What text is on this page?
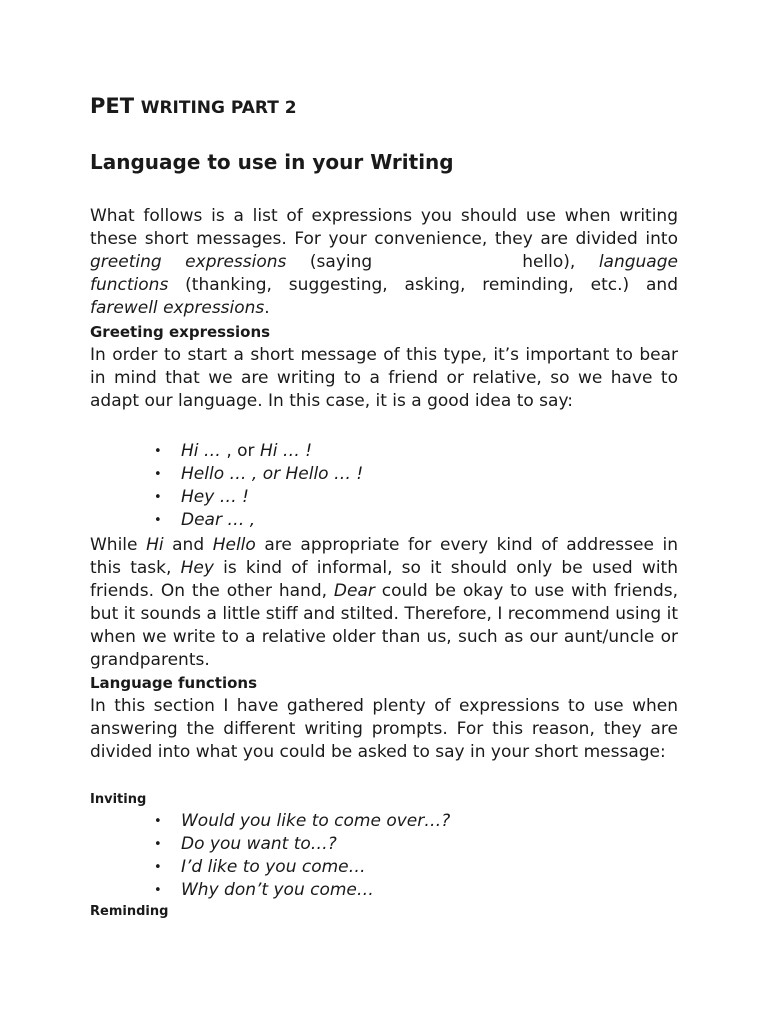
PET WRITING PART 2
Language to use in your Writing

What follows is a list of expressions you should use when writing these short messages. For your convenience, they are divided into greeting expressions (saying	hello), language functions (thanking, suggesting, asking, reminding, etc.) and farewell expressions.

Greeting expressions

In order to start a short message of this type, it’s important to bear in mind that we are writing to a friend or relative, so we have to adapt our language. In this case, it is a good idea to say:

• Hi … , or Hi … !
• Hello … , or Hello … !
• Hey … !
• Dear … ,

While Hi and Hello are appropriate for every kind of addressee in this task, Hey is kind of informal, so it should only be used with friends. On the other hand, Dear could be okay to use with friends, but it sounds a little stiff and stilted. Therefore, I recommend using it when we write to a relative older than us, such as our aunt/uncle or grandparents.

Language functions

In this section I have gathered plenty of expressions to use when answering the different writing prompts. For this reason, they are divided into what you could be asked to say in your short message:

Inviting
• Would you like to come over…?
• Do you want to…?
• I’d like to you come…
• Why don’t you come…
Reminding
